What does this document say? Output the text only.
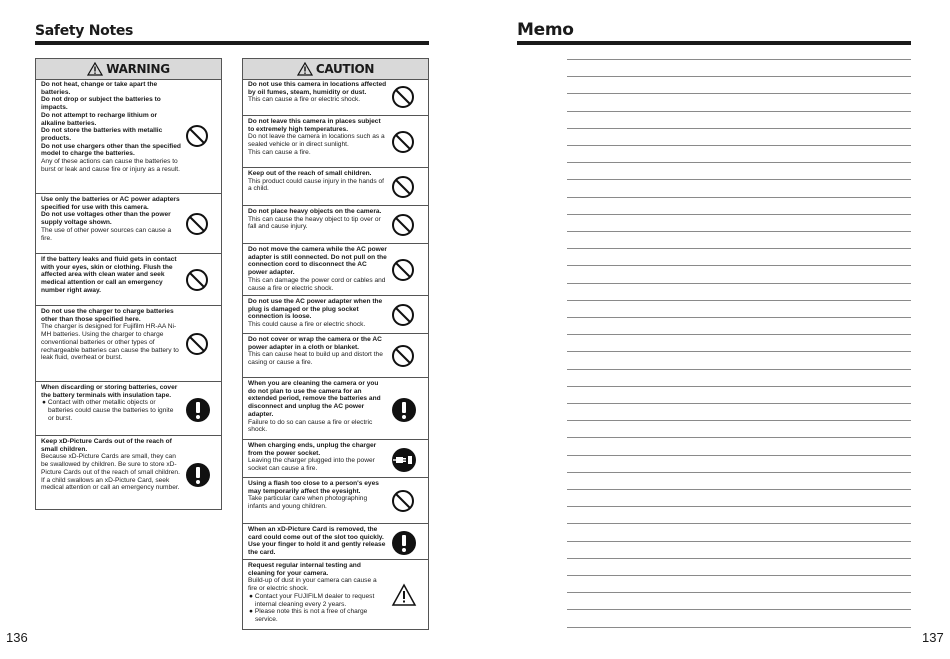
Safety Notes
WARNING
Do not heat, change or take apart the batteries.
Do not drop or subject the batteries to impacts.
Do not attempt to recharge lithium or alkaline batteries.
Do not store the batteries with metallic products.
Do not use chargers other than the specified model to charge the batteries.
Any of these actions can cause the batteries to burst or leak and cause fire or injury as a result.
Use only the batteries or AC power adapters specified for use with this camera.
Do not use voltages other than the power supply voltage shown.
The use of other power sources can cause a fire.
If the battery leaks and fluid gets in contact with your eyes, skin or clothing. Flush the affected area with clean water and seek medical attention or call an emergency number right away.
Do not use the charger to charge batteries other than those specified here.
The charger is designed for Fujifilm HR-AA Ni-MH batteries. Using the charger to charge conventional batteries or other types of rechargeable batteries can cause the battery to leak fluid, overheat or burst.
When discarding or storing batteries, cover the battery terminals with insulation tape.
● Contact with other metallic objects or batteries could cause the batteries to ignite or burst.
Keep xD-Picture Cards out of the reach of small children.
Because xD-Picture Cards are small, they can be swallowed by children. Be sure to store xD-Picture Cards out of the reach of small children. If a child swallows an xD-Picture Card, seek medical attention or call an emergency number.
CAUTION
Do not use this camera in locations affected by oil fumes, steam, humidity or dust.
This can cause a fire or electric shock.
Do not leave this camera in places subject to extremely high temperatures.
Do not leave the camera in locations such as a sealed vehicle or in direct sunlight.
This can cause a fire.
Keep out of the reach of small children.
This product could cause injury in the hands of a child.
Do not place heavy objects on the camera.
This can cause the heavy object to tip over or fall and cause injury.
Do not move the camera while the AC power adapter is still connected. Do not pull on the connection cord to disconnect the AC power adapter.
This can damage the power cord or cables and cause a fire or electric shock.
Do not use the AC power adapter when the plug is damaged or the plug socket connection is loose.
This could cause a fire or electric shock.
Do not cover or wrap the camera or the AC power adapter in a cloth or blanket.
This can cause heat to build up and distort the casing or cause a fire.
When you are cleaning the camera or you do not plan to use the camera for an extended period, remove the batteries and disconnect and unplug the AC power adapter.
Failure to do so can cause a fire or electric shock.
When charging ends, unplug the charger from the power socket.
Leaving the charger plugged into the power socket can cause a fire.
Using a flash too close to a person's eyes may temporarily affect the eyesight.
Take particular care when photographing infants and young children.
When an xD-Picture Card is removed, the card could come out of the slot too quickly. Use your finger to hold it and gently release the card.
Request regular internal testing and cleaning for your camera.
Build-up of dust in your camera can cause a fire or electric shock.
● Contact your FUJIFILM dealer to request internal cleaning every 2 years.
● Please note this is not a free of charge service.
136
Memo
137
